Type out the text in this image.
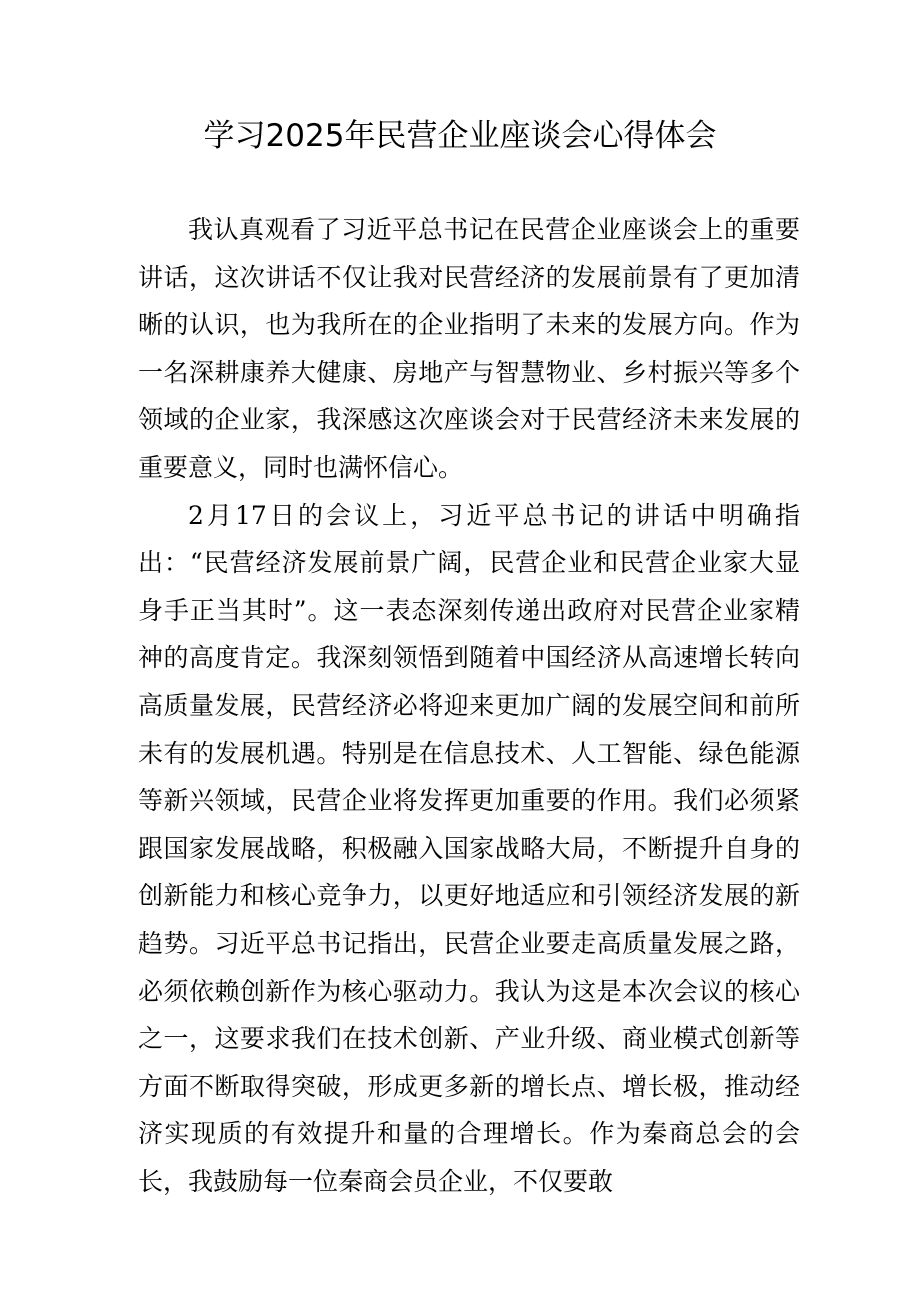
学习2025年民营企业座谈会心得体会

我认真观看了习近平总书记在民营企业座谈会上的重要讲话，这次讲话不仅让我对民营经济的发展前景有了更加清晰的认识，也为我所在的企业指明了未来的发展方向。作为一名深耕康养大健康、房地产与智慧物业、乡村振兴等多个领域的企业家，我深感这次座谈会对于民营经济未来发展的重要意义，同时也满怀信心。

2月17日的会议上，习近平总书记的讲话中明确指出：“民营经济发展前景广阔，民营企业和民营企业家大显身手正当其时”。这一表态深刻传递出政府对民营企业家精神的高度肯定。我深刻领悟到随着中国经济从高速增长转向高质量发展，民营经济必将迎来更加广阔的发展空间和前所未有的发展机遇。特别是在信息技术、人工智能、绿色能源等新兴领域，民营企业将发挥更加重要的作用。我们必须紧跟国家发展战略，积极融入国家战略大局，不断提升自身的创新能力和核心竞争力，以更好地适应和引领经济发展的新趋势。习近平总书记指出，民营企业要走高质量发展之路，必须依赖创新作为核心驱动力。我认为这是本次会议的核心之一，这要求我们在技术创新、产业升级、商业模式创新等方面不断取得突破，形成更多新的增长点、增长极，推动经济实现质的有效提升和量的合理增长。作为秦商总会的会长，我鼓励每一位秦商会员企业，不仅要敢
